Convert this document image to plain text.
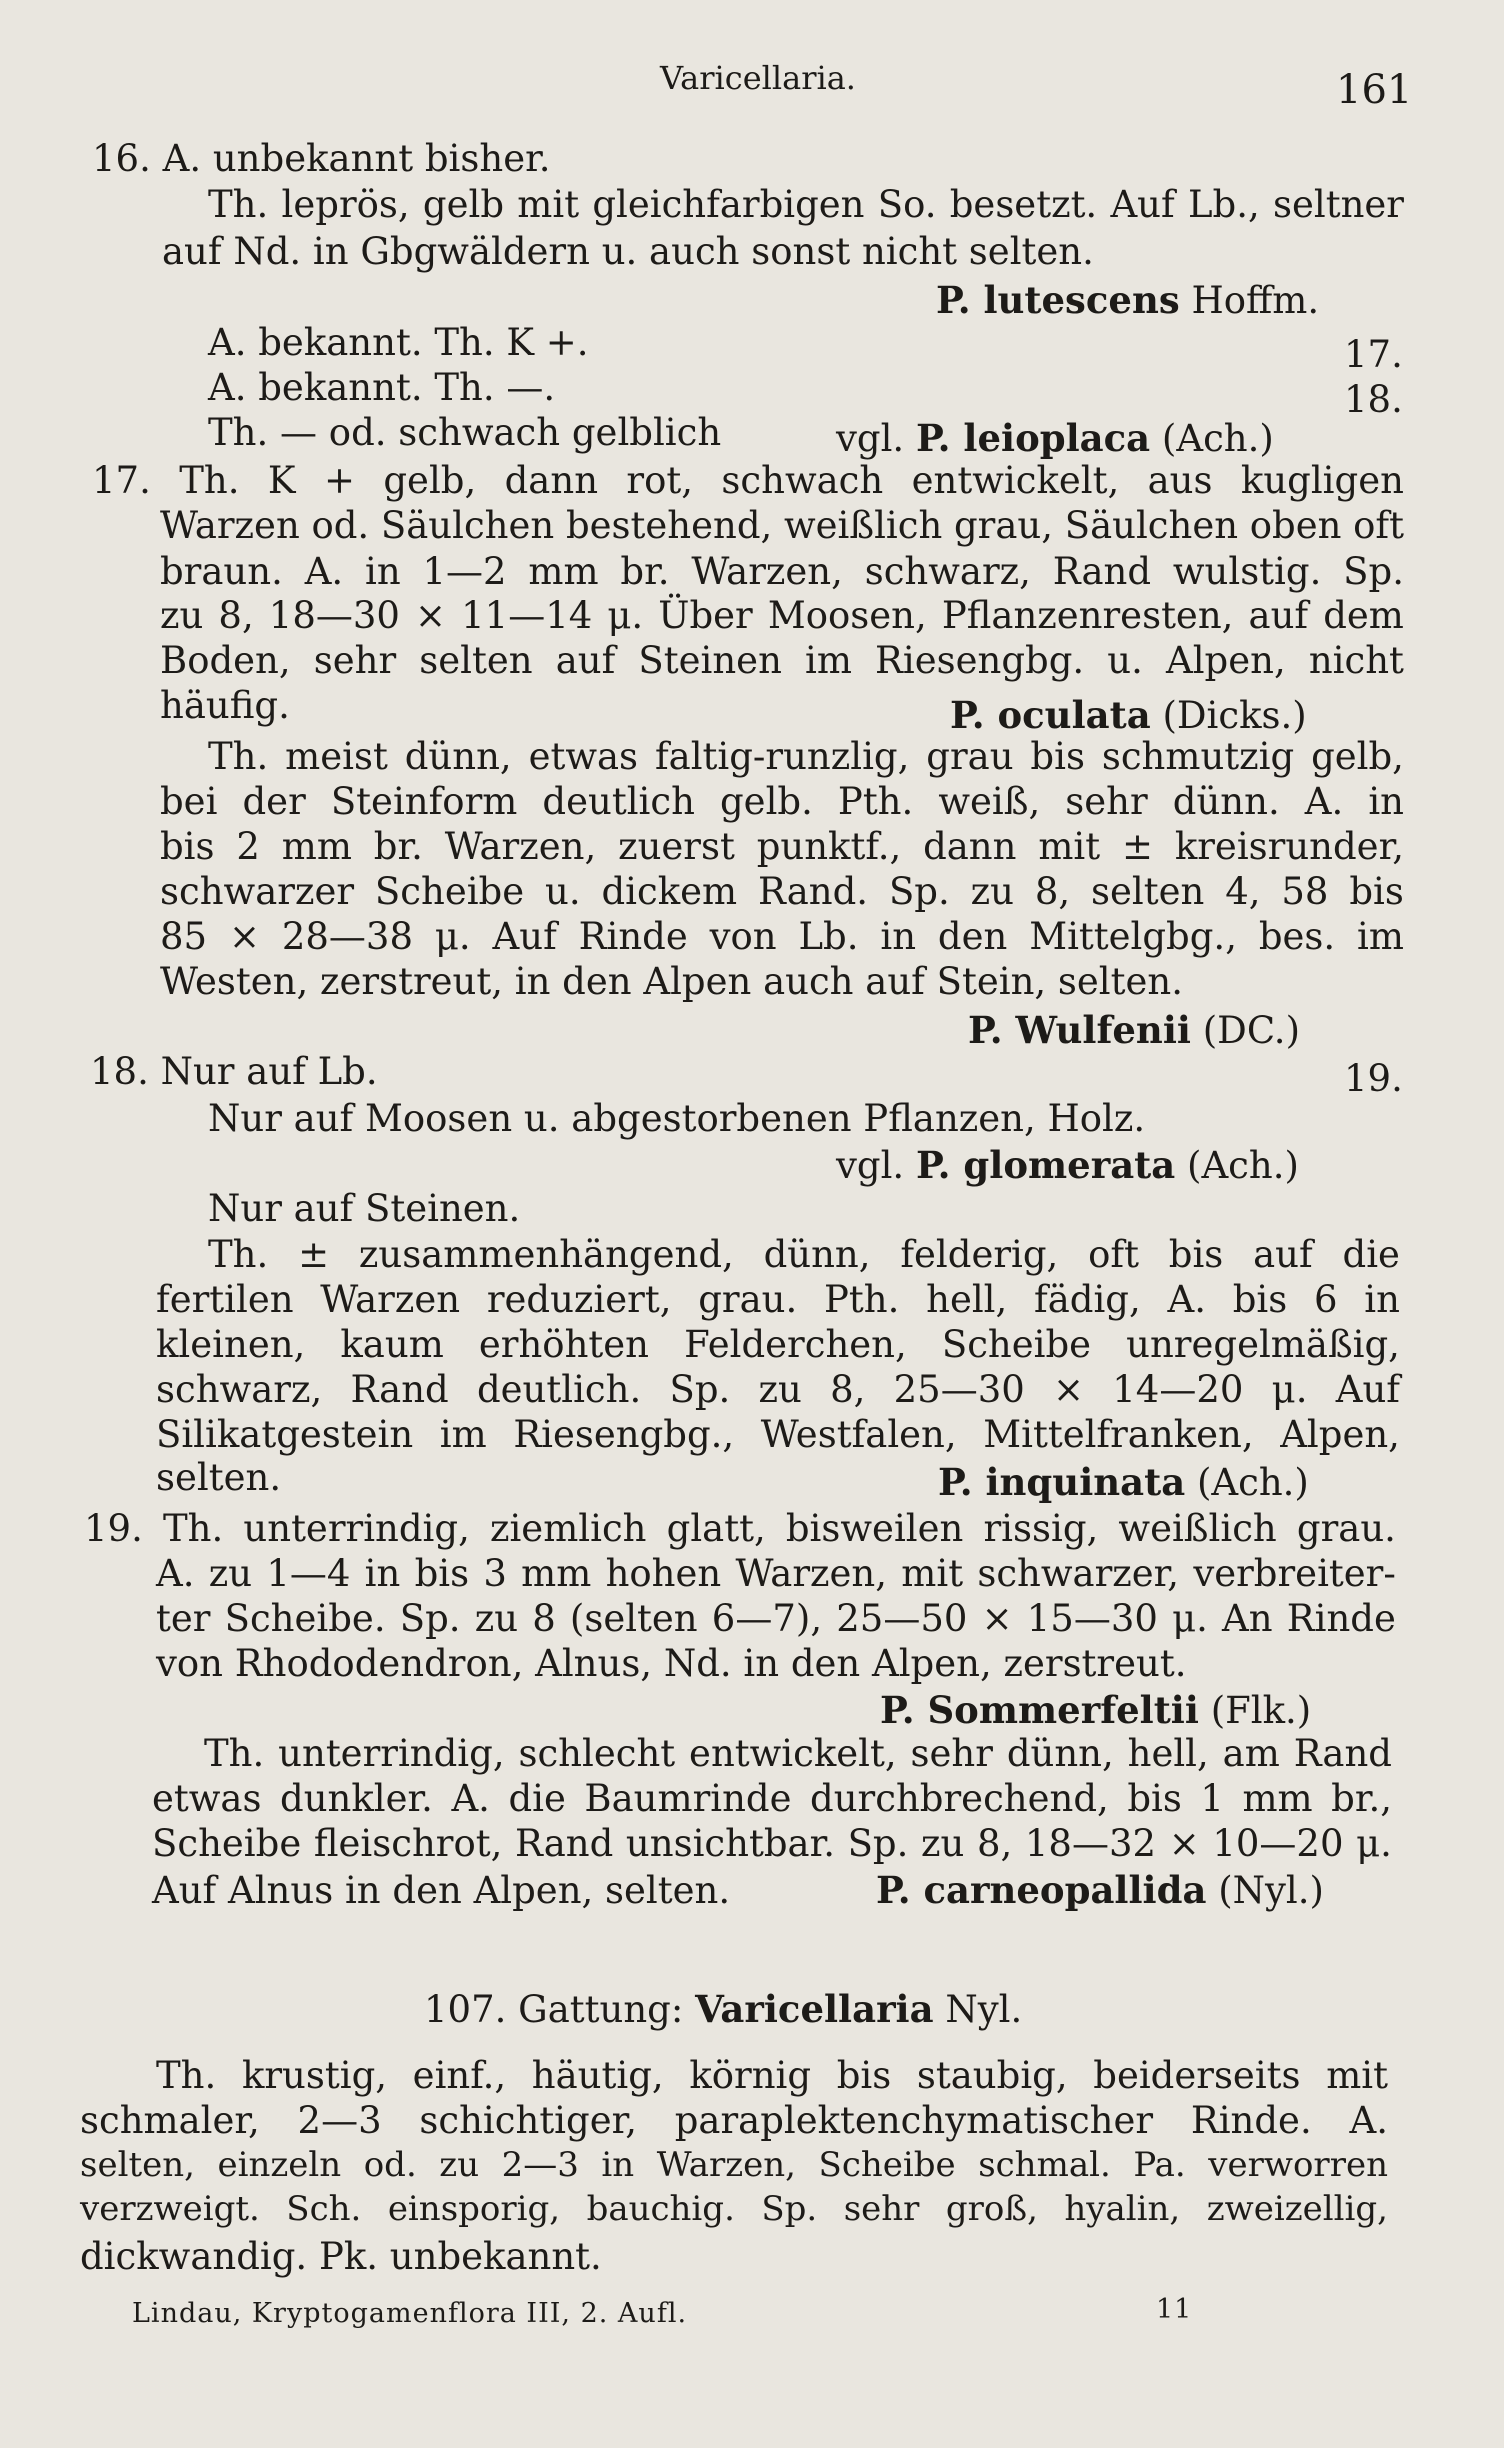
Varicellaria.	161
16. A. unbekannt bisher.
Th. leprös, gelb mit gleichfarbigen So. besetzt. Auf Lb., seltner
auf Nd. in Gbgwäldern u. auch sonst nicht selten.
P. lutescens Hoffm.
A. bekannt. Th. K +.	17.
A. bekannt. Th. —.	18.
Th. — od. schwach gelblich	vgl. P. leioplaca (Ach.)
17. Th. K + gelb, dann rot, schwach entwickelt, aus kugligen
Warzen od. Säulchen bestehend, weißlich grau, Säulchen oben oft
braun. A. in 1—2 mm br. Warzen, schwarz, Rand wulstig. Sp.
zu 8, 18—30 × 11—14 μ. Über Moosen, Pflanzenresten, auf dem
Boden, sehr selten auf Steinen im Riesengbg. u. Alpen, nicht
häufig.	P. oculata (Dicks.)
Th. meist dünn, etwas faltig-runzlig, grau bis schmutzig gelb,
bei der Steinform deutlich gelb. Pth. weiß, sehr dünn. A. in
bis 2 mm br. Warzen, zuerst punktf., dann mit ± kreisrunder,
schwarzer Scheibe u. dickem Rand. Sp. zu 8, selten 4, 58 bis
85 × 28—38 μ. Auf Rinde von Lb. in den Mittelgbg., bes. im
Westen, zerstreut, in den Alpen auch auf Stein, selten.
P. Wulfenii (DC.)
18. Nur auf Lb.	19.
Nur auf Moosen u. abgestorbenen Pflanzen, Holz.
vgl. P. glomerata (Ach.)
Nur auf Steinen.
Th. ± zusammenhängend, dünn, felderig, oft bis auf die
fertilen Warzen reduziert, grau. Pth. hell, fädig, A. bis 6 in
kleinen, kaum erhöhten Felderchen, Scheibe unregelmäßig,
schwarz, Rand deutlich. Sp. zu 8, 25—30 × 14—20 μ. Auf
Silikatgestein im Riesengbg., Westfalen, Mittelfranken, Alpen,
selten.	P. inquinata (Ach.)
19. Th. unterrindig, ziemlich glatt, bisweilen rissig, weißlich grau.
A. zu 1—4 in bis 3 mm hohen Warzen, mit schwarzer, verbreiter-
ter Scheibe. Sp. zu 8 (selten 6—7), 25—50 × 15—30 μ. An Rinde
von Rhododendron, Alnus, Nd. in den Alpen, zerstreut.
P. Sommerfeltii (Flk.)
Th. unterrindig, schlecht entwickelt, sehr dünn, hell, am Rand
etwas dunkler. A. die Baumrinde durchbrechend, bis 1 mm br.,
Scheibe fleischrot, Rand unsichtbar. Sp. zu 8, 18—32 × 10—20 μ.
Auf Alnus in den Alpen, selten.	P. carneopallida (Nyl.)
107. Gattung: Varicellaria Nyl.
Th. krustig, einf., häutig, körnig bis staubig, beiderseits mit
schmaler, 2—3 schichtiger, paraplektenchymatischer Rinde. A.
selten, einzeln od. zu 2—3 in Warzen, Scheibe schmal. Pa. verworren
verzweigt. Sch. einsporig, bauchig. Sp. sehr groß, hyalin, zweizellig,
dickwandig. Pk. unbekannt.
Lindau, Kryptogamenflora III, 2. Aufl.	11
